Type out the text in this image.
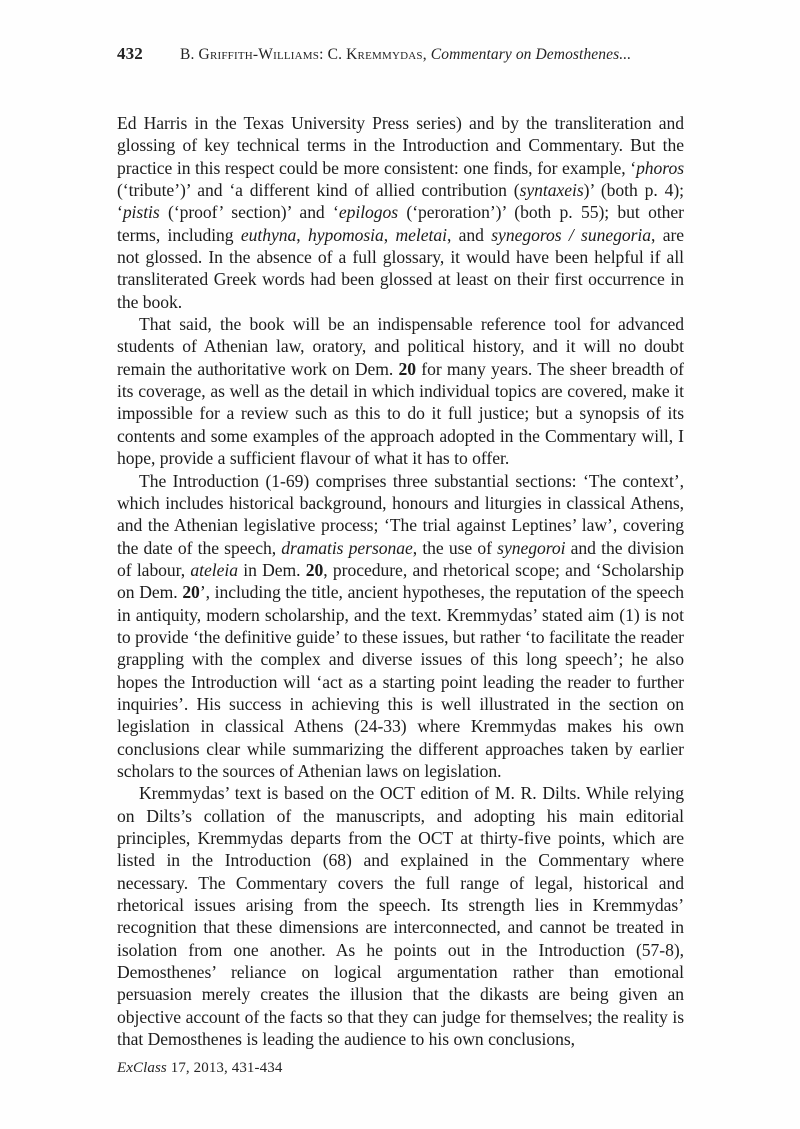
432	B. Griffith-Williams: C. Kremmydas, Commentary on Demosthenes...

Ed Harris in the Texas University Press series) and by the transliteration and glossing of key technical terms in the Introduction and Commentary. But the practice in this respect could be more consistent: one finds, for example, ‘phoros (‘tribute’)’ and ‘a different kind of allied contribution (syntaxeis)’ (both p. 4); ‘pistis (‘proof’ section)’ and ‘epilogos (‘peroration’)’ (both p. 55); but other terms, including euthyna, hypomosia, meletai, and synegoros / sunegoria, are not glossed. In the absence of a full glossary, it would have been helpful if all transliterated Greek words had been glossed at least on their first occurrence in the book.

That said, the book will be an indispensable reference tool for advanced students of Athenian law, oratory, and political history, and it will no doubt remain the authoritative work on Dem. 20 for many years. The sheer breadth of its coverage, as well as the detail in which individual topics are covered, make it impossible for a review such as this to do it full justice; but a synopsis of its contents and some examples of the approach adopted in the Commentary will, I hope, provide a sufficient flavour of what it has to offer.

The Introduction (1-69) comprises three substantial sections: ‘The context’, which includes historical background, honours and liturgies in classical Athens, and the Athenian legislative process; ‘The trial against Leptines’ law’, covering the date of the speech, dramatis personae, the use of synegoroi and the division of labour, ateleia in Dem. 20, procedure, and rhetorical scope; and ‘Scholarship on Dem. 20’, including the title, ancient hypotheses, the reputation of the speech in antiquity, modern scholarship, and the text. Kremmydas’ stated aim (1) is not to provide ‘the definitive guide’ to these issues, but rather ‘to facilitate the reader grappling with the complex and diverse issues of this long speech’; he also hopes the Introduction will ‘act as a starting point leading the reader to further inquiries’. His success in achieving this is well illustrated in the section on legislation in classical Athens (24-33) where Kremmydas makes his own conclusions clear while summarizing the different approaches taken by earlier scholars to the sources of Athenian laws on legislation.

Kremmydas’ text is based on the OCT edition of M. R. Dilts. While relying on Dilts’s collation of the manuscripts, and adopting his main editorial principles, Kremmydas departs from the OCT at thirty-five points, which are listed in the Introduction (68) and explained in the Commentary where necessary. The Commentary covers the full range of legal, historical and rhetorical issues arising from the speech. Its strength lies in Kremmydas’ recognition that these dimensions are interconnected, and cannot be treated in isolation from one another. As he points out in the Introduction (57-8), Demosthenes’ reliance on logical argumentation rather than emotional persuasion merely creates the illusion that the dikasts are being given an objective account of the facts so that they can judge for themselves; the reality is that Demosthenes is leading the audience to his own conclusions,

ExClass 17, 2013, 431-434
